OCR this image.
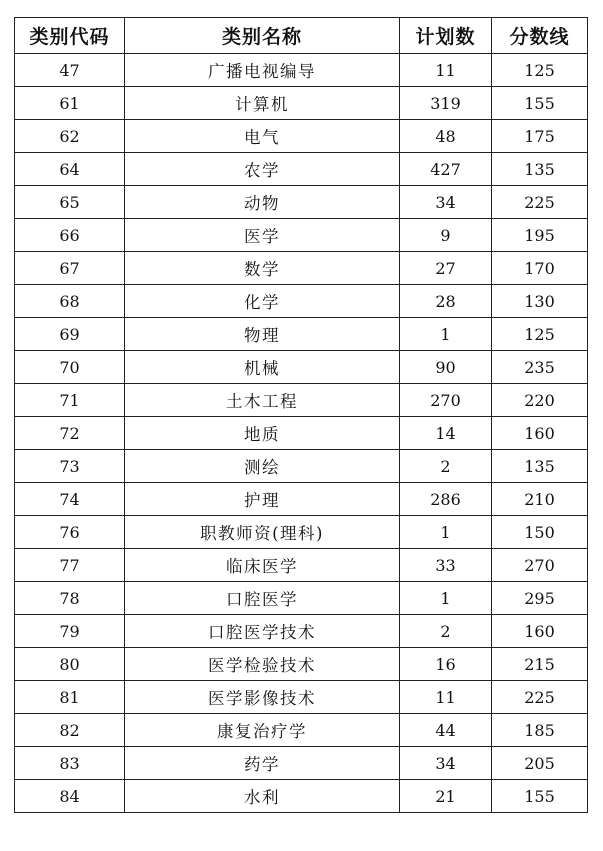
类别代码	类别名称	计划数	分数线
47	广播电视编导	11	125
61	计算机	319	155
62	电气	48	175
64	农学	427	135
65	动物	34	225
66	医学	9	195
67	数学	27	170
68	化学	28	130
69	物理	1	125
70	机械	90	235
71	土木工程	270	220
72	地质	14	160
73	测绘	2	135
74	护理	286	210
76	职教师资(理科)	1	150
77	临床医学	33	270
78	口腔医学	1	295
79	口腔医学技术	2	160
80	医学检验技术	16	215
81	医学影像技术	11	225
82	康复治疗学	44	185
83	药学	34	205
84	水利	21	155
